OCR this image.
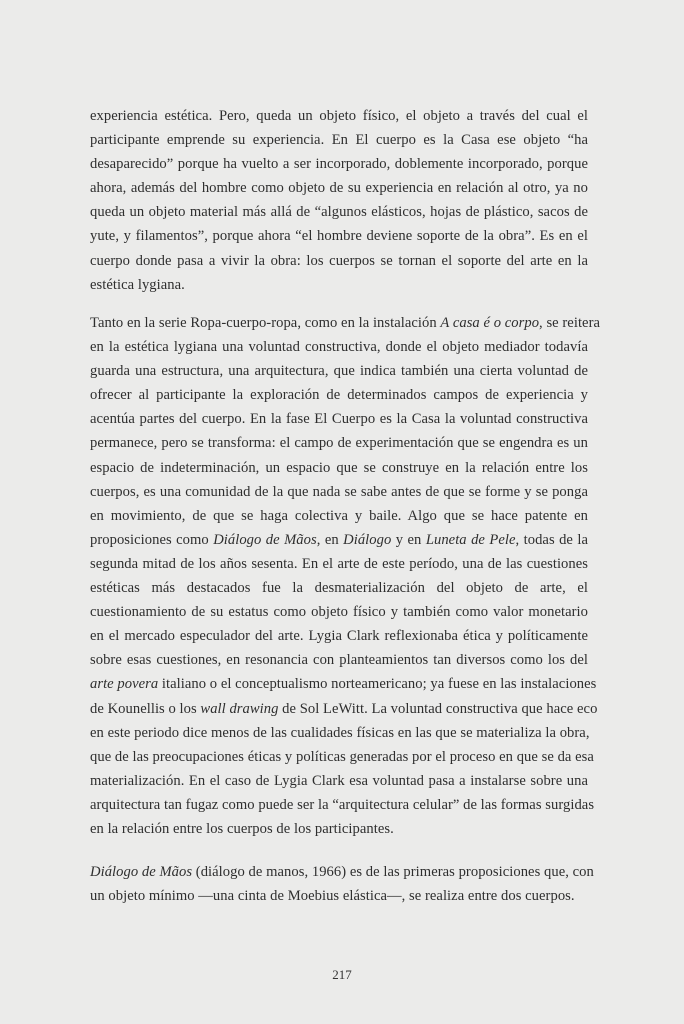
experiencia estética. Pero, queda un objeto físico, el objeto a través del cual el
participante emprende su experiencia. En El cuerpo es la Casa ese objeto “ha
desaparecido” porque ha vuelto a ser incorporado, doblemente incorporado, porque
ahora, además del hombre como objeto de su experiencia en relación al otro, ya no
queda un objeto material más allá de “algunos elásticos, hojas de plástico, sacos de
yute, y filamentos”, porque ahora “el hombre deviene soporte de la obra”. Es en el
cuerpo donde pasa a vivir la obra: los cuerpos se tornan el soporte del arte en la
estética lygiana.
Tanto en la serie Ropa-cuerpo-ropa, como en la instalación A casa é o corpo, se reitera
en la estética lygiana una voluntad constructiva, donde el objeto mediador todavía
guarda una estructura, una arquitectura, que indica también una cierta voluntad de
ofrecer al participante la exploración de determinados campos de experiencia y
acentúa partes del cuerpo. En la fase El Cuerpo es la Casa la voluntad constructiva
permanece, pero se transforma: el campo de experimentación que se engendra es un
espacio de indeterminación, un espacio que se construye en la relación entre los
cuerpos, es una comunidad de la que nada se sabe antes de que se forme y se ponga
en movimiento, de que se haga colectiva y baile. Algo que se hace patente en
proposiciones como Diálogo de Mãos, en Diálogo y en Luneta de Pele, todas de la
segunda mitad de los años sesenta. En el arte de este período, una de las cuestiones
estéticas más destacados fue la desmaterialización del objeto de arte, el
cuestionamiento de su estatus como objeto físico y también como valor monetario
en el mercado especulador del arte. Lygia Clark reflexionaba ética y políticamente
sobre esas cuestiones, en resonancia con planteamientos tan diversos como los del
arte povera italiano o el conceptualismo norteamericano; ya fuese en las instalaciones
de Kounellis o los wall drawing de Sol LeWitt. La voluntad constructiva que hace eco
en este periodo dice menos de las cualidades físicas en las que se materializa la obra,
que de las preocupaciones éticas y políticas generadas por el proceso en que se da esa
materialización. En el caso de Lygia Clark esa voluntad pasa a instalarse sobre una
arquitectura tan fugaz como puede ser la “arquitectura celular” de las formas surgidas
en la relación entre los cuerpos de los participantes.
Diálogo de Mãos (diálogo de manos, 1966) es de las primeras proposiciones que, con
un objeto mínimo —una cinta de Moebius elástica—, se realiza entre dos cuerpos.
217
